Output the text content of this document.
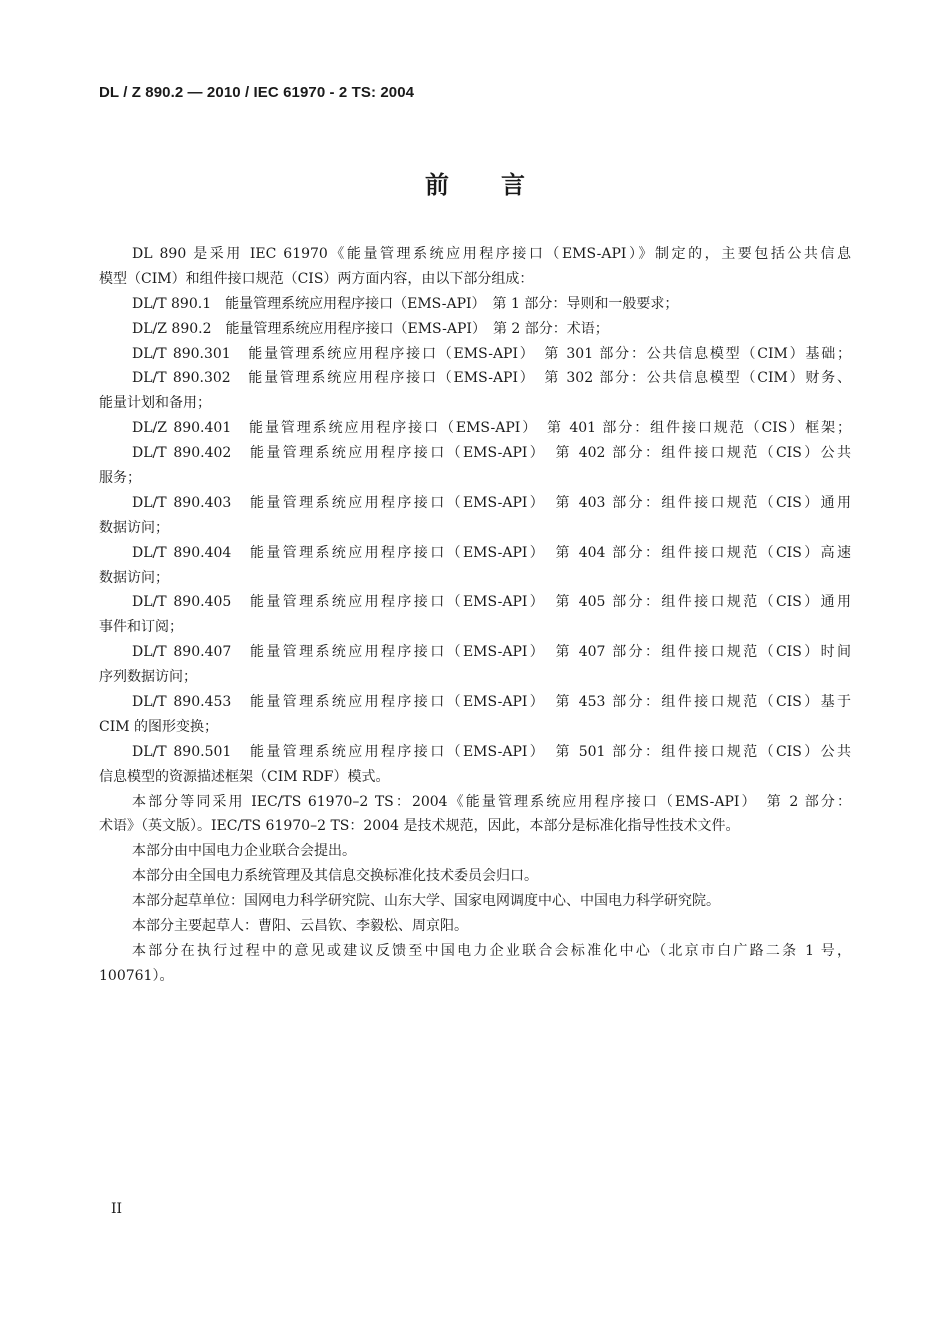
DL / Z 890.2 — 2010 / IEC 61970 - 2 TS: 2004
前言
DL 890 是采用 IEC 61970《能量管理系统应用程序接口（EMS-API）》制定的，主要包括公共信息
模型（CIM）和组件接口规范（CIS）两方面内容，由以下部分组成：
DL/T 890.1　能量管理系统应用程序接口（EMS-API）　第 1 部分：导则和一般要求；
DL/Z 890.2　能量管理系统应用程序接口（EMS-API）　第 2 部分：术语；
DL/T 890.301　能量管理系统应用程序接口（EMS-API）　第 301 部分：公共信息模型（CIM）基础；
DL/T 890.302　能量管理系统应用程序接口（EMS-API）　第 302 部分：公共信息模型（CIM）财务、
能量计划和备用；
DL/Z 890.401　能量管理系统应用程序接口（EMS-API）　第 401 部分：组件接口规范（CIS）框架；
DL/T 890.402　能量管理系统应用程序接口（EMS-API）　第 402 部分：组件接口规范（CIS）公共
服务；
DL/T 890.403　能量管理系统应用程序接口（EMS-API）　第 403 部分：组件接口规范（CIS）通用
数据访问；
DL/T 890.404　能量管理系统应用程序接口（EMS-API）　第 404 部分：组件接口规范（CIS）高速
数据访问；
DL/T 890.405　能量管理系统应用程序接口（EMS-API）　第 405 部分：组件接口规范（CIS）通用
事件和订阅；
DL/T 890.407　能量管理系统应用程序接口（EMS-API）　第 407 部分：组件接口规范（CIS）时间
序列数据访问；
DL/T 890.453　能量管理系统应用程序接口（EMS-API）　第 453 部分：组件接口规范（CIS）基于
CIM 的图形变换；
DL/T 890.501　能量管理系统应用程序接口（EMS-API）　第 501 部分：组件接口规范（CIS）公共
信息模型的资源描述框架（CIM RDF）模式。
本部分等同采用 IEC/TS 61970–2 TS：2004《能量管理系统应用程序接口（EMS-API）　第 2 部分：
术语》（英文版）。IEC/TS 61970–2 TS：2004 是技术规范，因此，本部分是标准化指导性技术文件。
本部分由中国电力企业联合会提出。
本部分由全国电力系统管理及其信息交换标准化技术委员会归口。
本部分起草单位：国网电力科学研究院、山东大学、国家电网调度中心、中国电力科学研究院。
本部分主要起草人：曹阳、云昌钦、李毅松、周京阳。
本部分在执行过程中的意见或建议反馈至中国电力企业联合会标准化中心（北京市白广路二条 1 号，
100761）。
II
